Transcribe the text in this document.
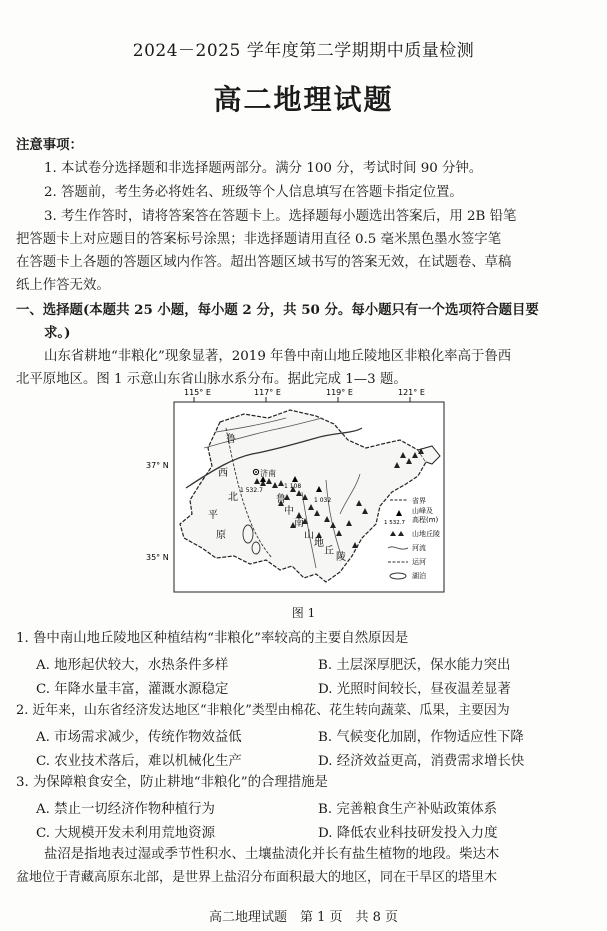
2024－2025 学年度第二学期期中质量检测
高二地理试题
注意事项：
1. 本试卷分选择题和非选择题两部分。满分 100 分，考试时间 90 分钟。
2. 答题前，考生务必将姓名、班级等个人信息填写在答题卡指定位置。
3. 考生作答时，请将答案答在答题卡上。选择题每小题选出答案后，用 2B 铅笔
把答题卡上对应题目的答案标号涂黑；非选择题请用直径 0.5 毫米黑色墨水签字笔
在答题卡上各题的答题区域内作答。超出答题区域书写的答案无效，在试题卷、草稿
纸上作答无效。
一、选择题(本题共 25 小题，每小题 2 分，共 50 分。每小题只有一个选项符合题目要
求。)
山东省耕地“非粮化”现象显著，2019 年鲁中南山地丘陵地区非粮化率高于鲁西
北平原地区。图 1 示意山东省山脉水系分布。据此完成 1—3 题。
115° E	117° E	119° E	121° E
37° N
35° N
1 532.7
1 108
1 032
济南
鲁
西
北
平
原
鲁
中
南
山
地
丘
陵
省界
山峰及
高程(m)
1 532.7
山地丘陵
河流
运河
湖泊
图 1
1. 鲁中南山地丘陵地区种植结构“非粮化”率较高的主要自然原因是
A. 地形起伏较大，水热条件多样	B. 土层深厚肥沃，保水能力突出
C. 年降水量丰富，灌溉水源稳定	D. 光照时间较长，昼夜温差显著
2. 近年来，山东省经济发达地区“非粮化”类型由棉花、花生转向蔬菜、瓜果，主要因为
A. 市场需求减少，传统作物效益低	B. 气候变化加剧，作物适应性下降
C. 农业技术落后，难以机械化生产	D. 经济效益更高，消费需求增长快
3. 为保障粮食安全，防止耕地“非粮化”的合理措施是
A. 禁止一切经济作物种植行为	B. 完善粮食生产补贴政策体系
C. 大规模开发未利用荒地资源	D. 降低农业科技研发投入力度
盐沼是指地表过湿或季节性积水、土壤盐渍化并长有盐生植物的地段。柴达木
盆地位于青藏高原东北部，是世界上盐沼分布面积最大的地区，同在干旱区的塔里木
高二地理试题　第 1 页　共 8 页
